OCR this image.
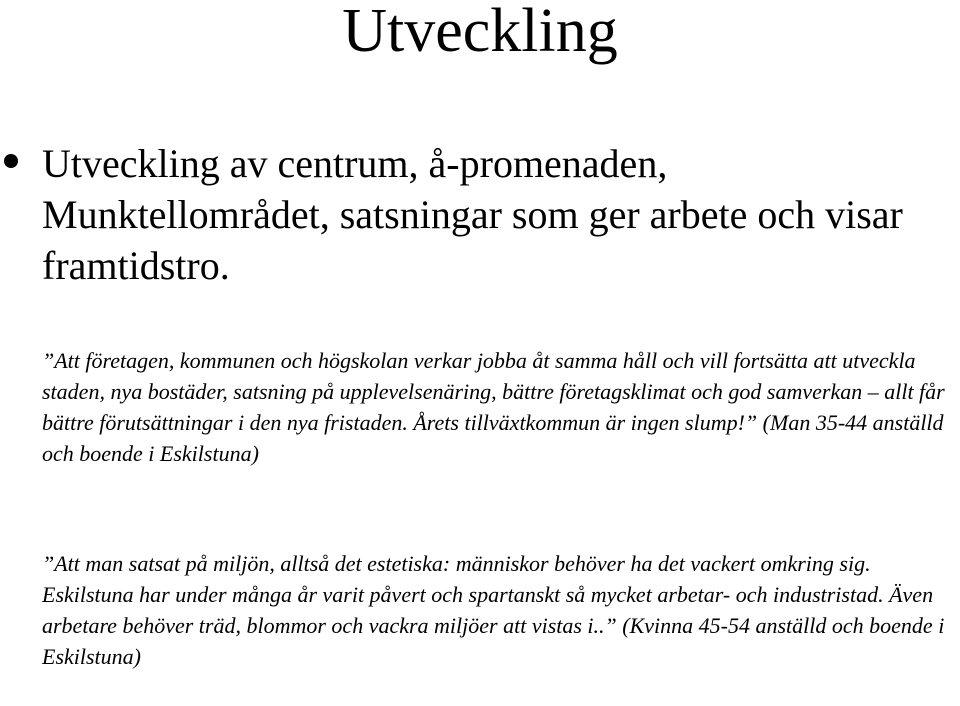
Utveckling
Utveckling av centrum, å-promenaden, Munktellområdet, satsningar som ger arbete och visar framtidstro.
”Att företagen, kommunen och högskolan verkar jobba åt samma håll och vill fortsätta att utveckla staden, nya bostäder, satsning på upplevelsenäring, bättre företagsklimat och god samverkan – allt får bättre förutsättningar i den nya fristaden. Årets tillväxtkommun är ingen slump!” (Man 35-44 anställd och boende i Eskilstuna)
”Att man satsat på miljön, alltså det estetiska: människor behöver ha det vackert omkring sig. Eskilstuna har under många år varit påvert och spartanskt så mycket arbetar- och industristad. Även arbetare behöver träd, blommor och vackra miljöer att vistas i..” (Kvinna 45-54 anställd och boende i Eskilstuna)
